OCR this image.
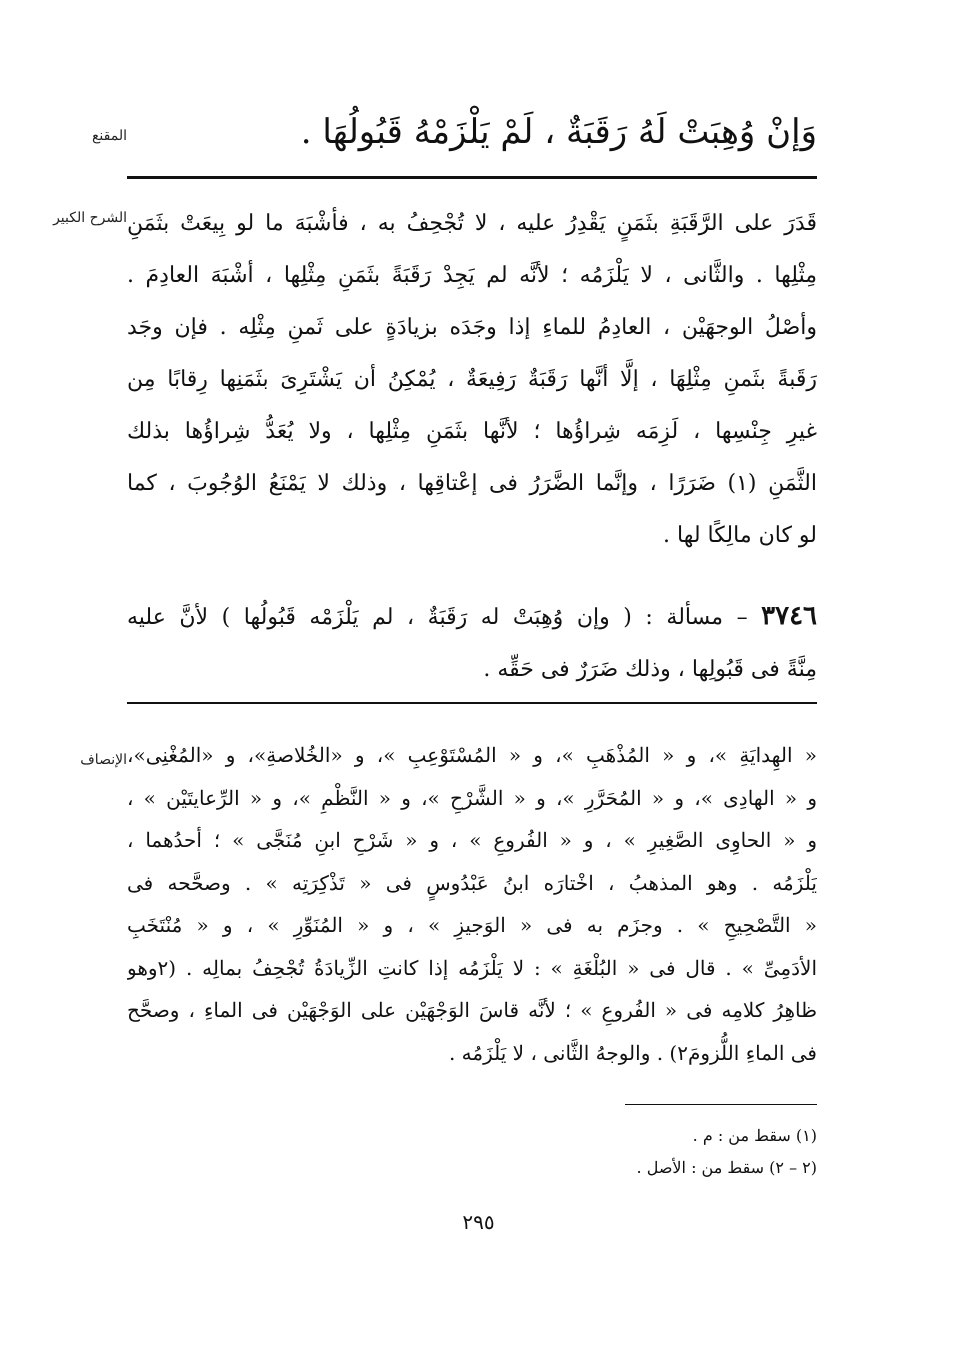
المقنع	وَإنْ وُهِبَتْ لَهُ رَقَبَةٌ ، لَمْ يَلْزَمْهُ قَبُولُهَا .
الشرح الكبير قَدَرَ على الرَّقَبَةِ بثَمَنٍ يَقْدِرُ عليه ، لا تُجْحِفُ به ، فأشْبَهَ ما لو بِيعَتْ بثَمَنِ
مِثْلِها . والثَّانى ، لا يَلْزَمُه ؛ لأنَّه لم يَجِدْ رَقَبَةً بثَمَنِ مِثْلِها ، أشْبَهَ العادِمَ .
وأصْلُ الوجهَيْن ، العادِمُ للماءِ إذا وجَدَه بزيادَةٍ على ثَمنِ مِثْلِه . فإن وجَد
رَقَبةً بثَمنِ مِثْلِهَا ، إلَّا أنَّها رَقَبَةٌ رَفِيعَةٌ ، يُمْكِنُ أن يَشْتَرِىَ بثَمَنِها رِقابًا مِن
غيرِ جِنْسِها ، لَزِمَه شِراؤُها ؛ لأنَّها بثَمَنِ مِثْلِها ، ولا يُعَدُّ شِراؤُها بذلك
الثَّمَنِ (١) ضَرَرًا ، وإنَّما الضَّرَرُ فى إعْتاقِها ، وذلك لا يَمْنَعُ الوُجُوبَ ، كما
لو كان مالِكًا لها .
٣٧٤٦ – مسألة : ( وإن وُهِبَتْ له رَقَبَةٌ ، لم يَلْزَمْه قَبُولُها ) لأنَّ عليه
مِنَّةً فى قَبُولِها ، وذلك ضَرَرٌ فى حَقِّه .
الإنصاف « الهِدايَةِ »، و « المُذْهَبِ »، و « المُسْتَوْعِبِ »، و «الخُلاصةِ»، و «المُغْنِى»،
و « الهادِى »، و « المُحَرَّرِ »، و « الشَّرْحِ »، و « النَّظْمِ »، و « الرِّعايتَيْن » ،
و « الحاوِى الصَّغِيرِ » ، و « الفُروعِ » ، و « شَرْحِ ابنِ مُنَجَّى » ؛ أحدُهما ،
يَلْزَمُه . وهو المذهبُ ، اخْتارَه ابنُ عَبْدُوسٍ فى « تَذْكِرَتِه » . وصحَّحه فى
« التَّصْحِيحِ » . وجزَم به فى « الوَجيزِ » ، و « المُنَوِّرِ » ، و « مُنْتَخَبِ
الأدَمِىِّ » . قال فى « البُلْغَةِ » : لا يَلْزَمُه إذا كانتِ الزِّيادَةُ تُجْحِفُ بمالِه . (٢وهو
ظاهِرُ كلامِه فى « الفُروعِ » ؛ لأنَّه قاسَ الوَجْهَيْن على الوَجْهَيْن فى الماءِ ، وصحَّح
فى الماءِ اللُّزومَ٢) . والوجهُ الثَّانى ، لا يَلْزَمُه .
(١) سقط من : م .
(٢ – ٢) سقط من : الأصل .
٢٩٥
